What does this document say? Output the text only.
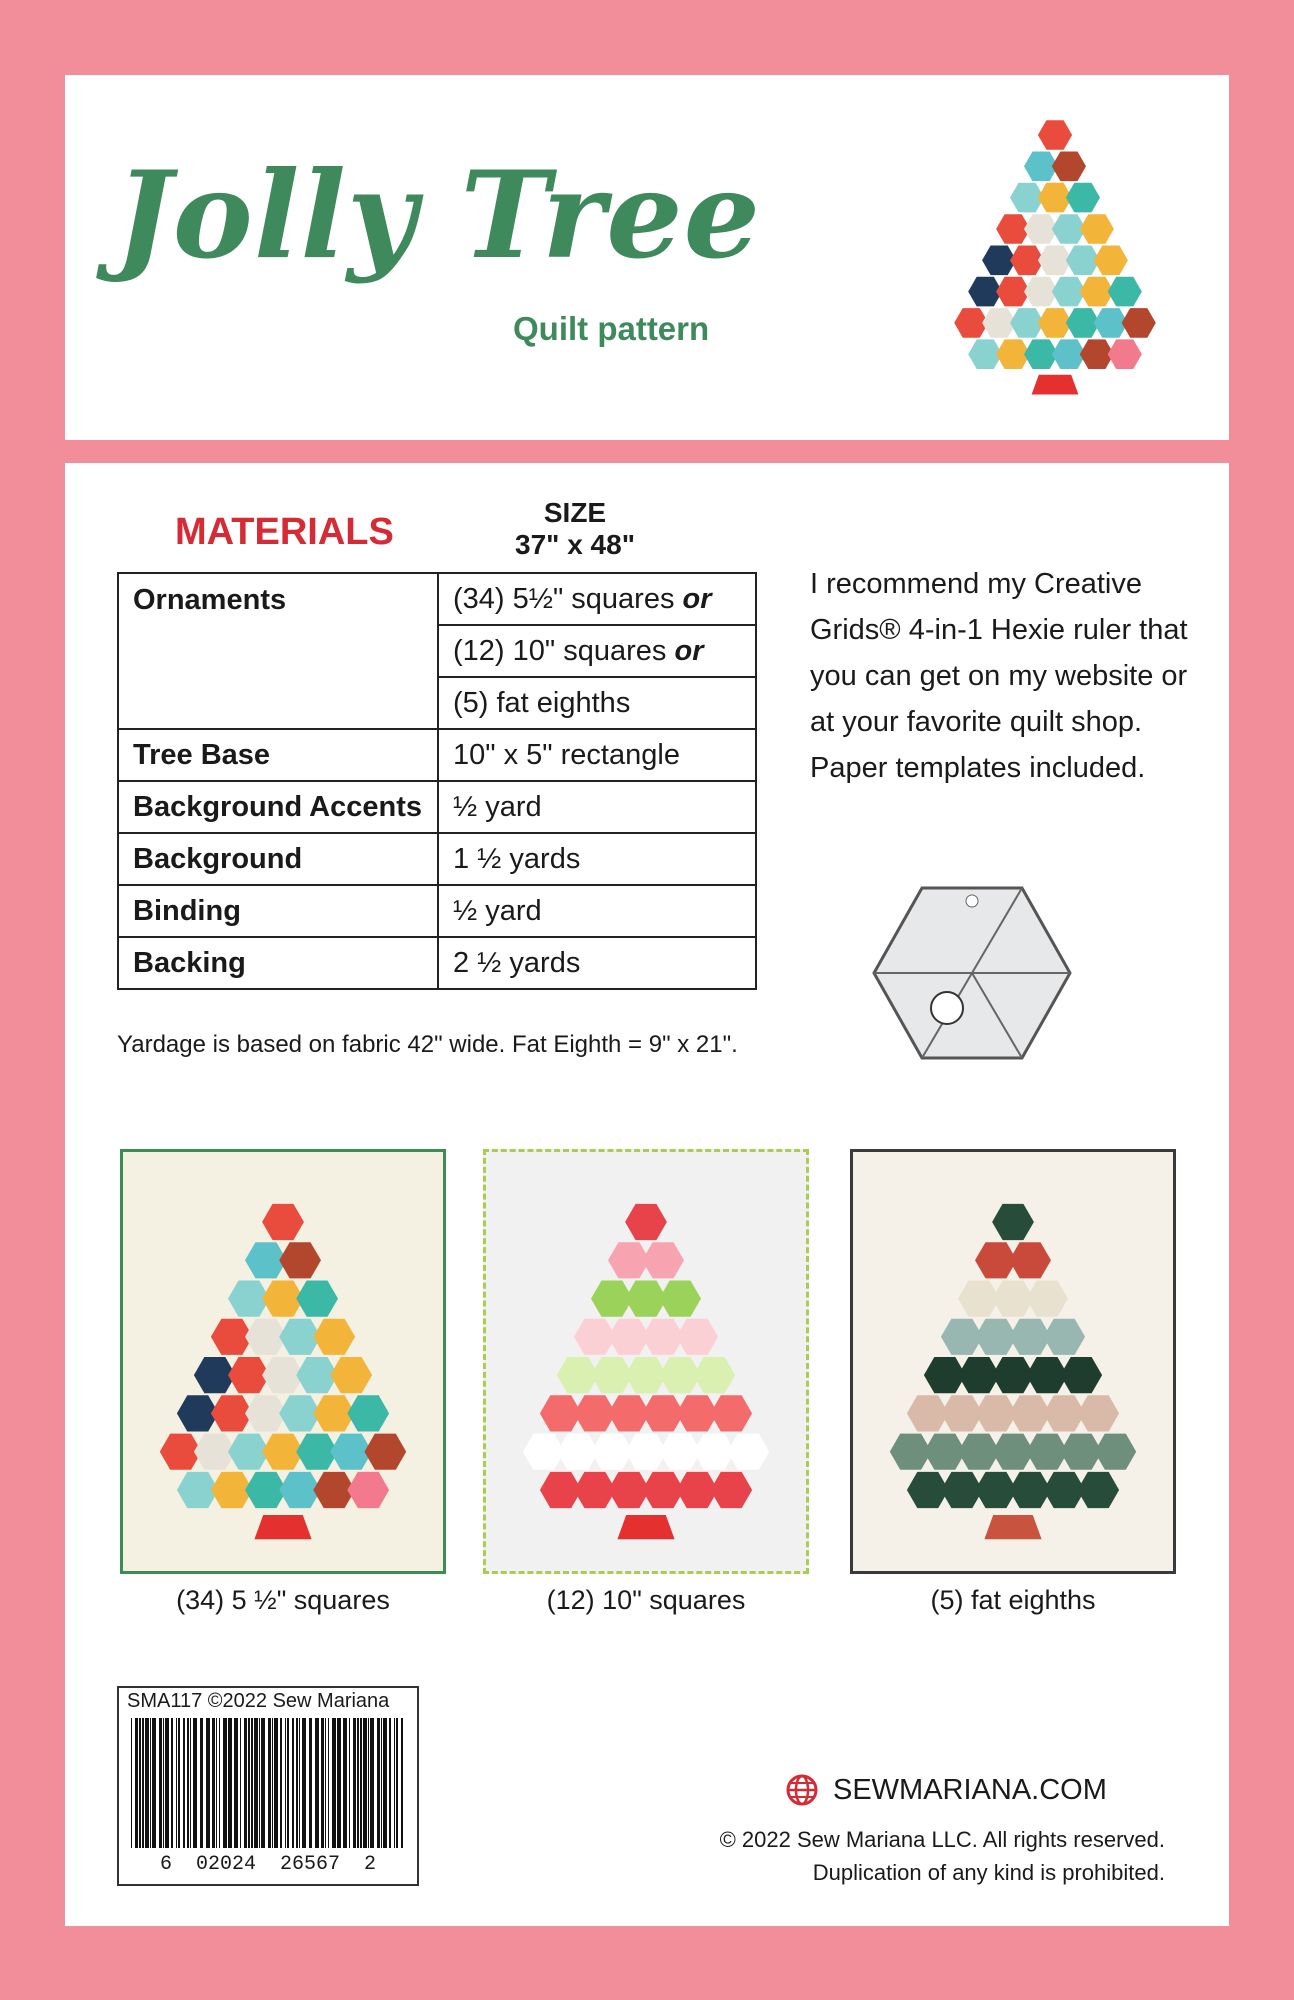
Jolly Tree
Quilt pattern
MATERIALS	SIZE
37" x 48"
Ornaments	(34) 5½" squares or
	(12) 10" squares or
	(5) fat eighths
Tree Base	10" x 5" rectangle
Background Accents	½ yard
Background	1 ½ yards
Binding	½ yard
Backing	2 ½ yards
Yardage is based on fabric 42" wide. Fat Eighth = 9" x 21".
I recommend my Creative Grids® 4-in-1 Hexie ruler that you can get on my website or at your favorite quilt shop. Paper templates included.
(34) 5 ½" squares	(12) 10" squares	(5) fat eighths
SMA117 ©2022 Sew Mariana
6  02024  26567  2
SEWMARIANA.COM
© 2022 Sew Mariana LLC. All rights reserved.
Duplication of any kind is prohibited.
